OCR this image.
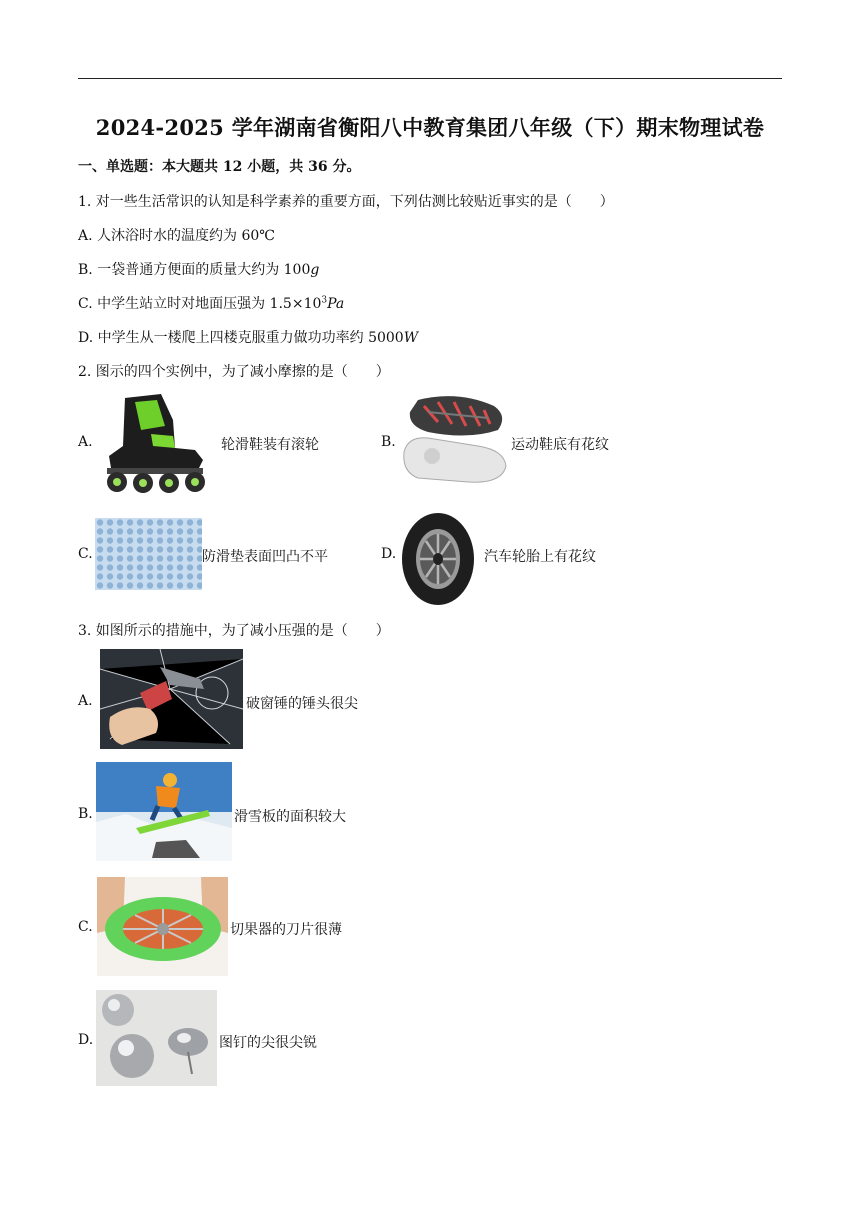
2024-2025 学年湖南省衡阳八中教育集团八年级（下）期末物理试卷
一、单选题：本大题共 12 小题，共 36 分。
1. 对一些生活常识的认知是科学素养的重要方面，下列估测比较贴近事实的是（　　）
A. 人沐浴时水的温度约为 60℃
B. 一袋普通方便面的质量大约为 100g
C. 中学生站立时对地面压强为 $1.5\times 10^3Pa$
D. 中学生从一楼爬上四楼克服重力做功功率约 5000W
2. 图示的四个实例中，为了减小摩擦的是（　　）
A.	轮滑鞋装有滚轮	B.	运动鞋底有花纹
C.	防滑垫表面凹凸不平	D.	汽车轮胎上有花纹
3. 如图所示的措施中，为了减小压强的是（　　）
A.	破窗锤的锤头很尖
B.	滑雪板的面积较大
C.	切果器的刀片很薄
D.	图钉的尖很尖锐
